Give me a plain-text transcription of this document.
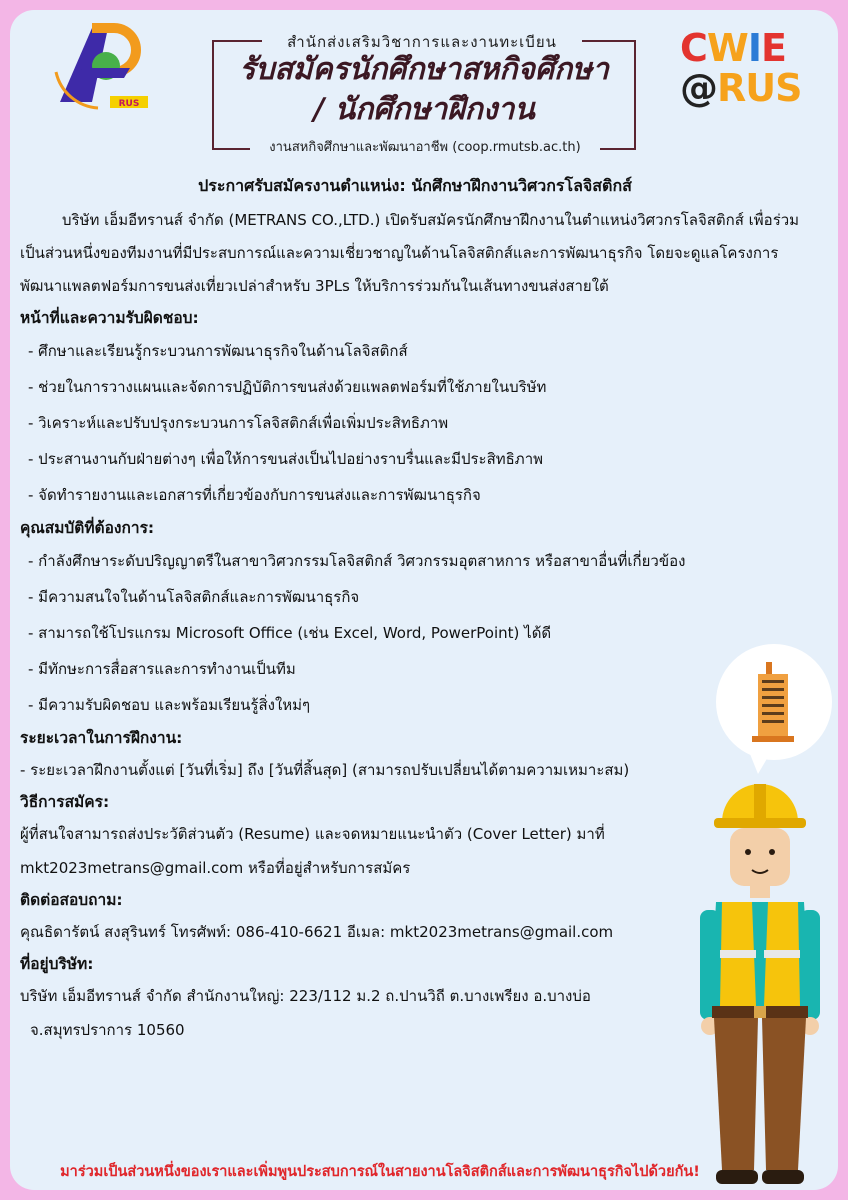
RUS
สำนักส่งเสริมวิชาการและงานทะเบียน
รับสมัครนักศึกษาสหกิจศึกษา
/ นักศึกษาฝึกงาน
งานสหกิจศึกษาและพัฒนาอาชีพ (coop.rmutsb.ac.th)
CWIE
@RUS
ประกาศรับสมัครงานตำแหน่ง: นักศึกษาฝึกงานวิศวกรโลจิสติกส์
บริษัท เอ็มอีทรานส์ จำกัด (METRANS CO.,LTD.) เปิดรับสมัครนักศึกษาฝึกงานในตำแหน่งวิศวกรโลจิสติกส์ เพื่อร่วมเป็นส่วนหนึ่งของทีมงานที่มีประสบการณ์และความเชี่ยวชาญในด้านโลจิสติกส์และการพัฒนาธุรกิจ โดยจะดูแลโครงการพัฒนาแพลตฟอร์มการขนส่งเที่ยวเปล่าสำหรับ 3PLs ให้บริการร่วมกันในเส้นทางขนส่งสายใต้
หน้าที่และความรับผิดชอบ:
- ศึกษาและเรียนรู้กระบวนการพัฒนาธุรกิจในด้านโลจิสติกส์
- ช่วยในการวางแผนและจัดการปฏิบัติการขนส่งด้วยแพลตฟอร์มที่ใช้ภายในบริษัท
- วิเคราะห์และปรับปรุงกระบวนการโลจิสติกส์เพื่อเพิ่มประสิทธิภาพ
- ประสานงานกับฝ่ายต่างๆ เพื่อให้การขนส่งเป็นไปอย่างราบรื่นและมีประสิทธิภาพ
- จัดทำรายงานและเอกสารที่เกี่ยวข้องกับการขนส่งและการพัฒนาธุรกิจ
คุณสมบัติที่ต้องการ:
- กำลังศึกษาระดับปริญญาตรีในสาขาวิศวกรรมโลจิสติกส์ วิศวกรรมอุตสาหการ หรือสาขาอื่นที่เกี่ยวข้อง
- มีความสนใจในด้านโลจิสติกส์และการพัฒนาธุรกิจ
- สามารถใช้โปรแกรม Microsoft Office (เช่น Excel, Word, PowerPoint) ได้ดี
- มีทักษะการสื่อสารและการทำงานเป็นทีม
- มีความรับผิดชอบ และพร้อมเรียนรู้สิ่งใหม่ๆ
ระยะเวลาในการฝึกงาน:
- ระยะเวลาฝึกงานตั้งแต่ [วันที่เริ่ม] ถึง [วันที่สิ้นสุด] (สามารถปรับเปลี่ยนได้ตามความเหมาะสม)
วิธีการสมัคร:
ผู้ที่สนใจสามารถส่งประวัติส่วนตัว (Resume) และจดหมายแนะนำตัว (Cover Letter) มาที่
mkt2023metrans@gmail.com หรือที่อยู่สำหรับการสมัคร
ติดต่อสอบถาม:
คุณธิดารัตน์ สงสุรินทร์ โทรศัพท์: 086-410-6621 อีเมล: mkt2023metrans@gmail.com
ที่อยู่บริษัท:
บริษัท เอ็มอีทรานส์ จำกัด สำนักงานใหญ่: 223/112 ม.2 ถ.ปานวิถี ต.บางเพรียง อ.บางบ่อ
จ.สมุทรปราการ 10560
มาร่วมเป็นส่วนหนึ่งของเราและเพิ่มพูนประสบการณ์ในสายงานโลจิสติกส์และการพัฒนาธุรกิจไปด้วยกัน!
